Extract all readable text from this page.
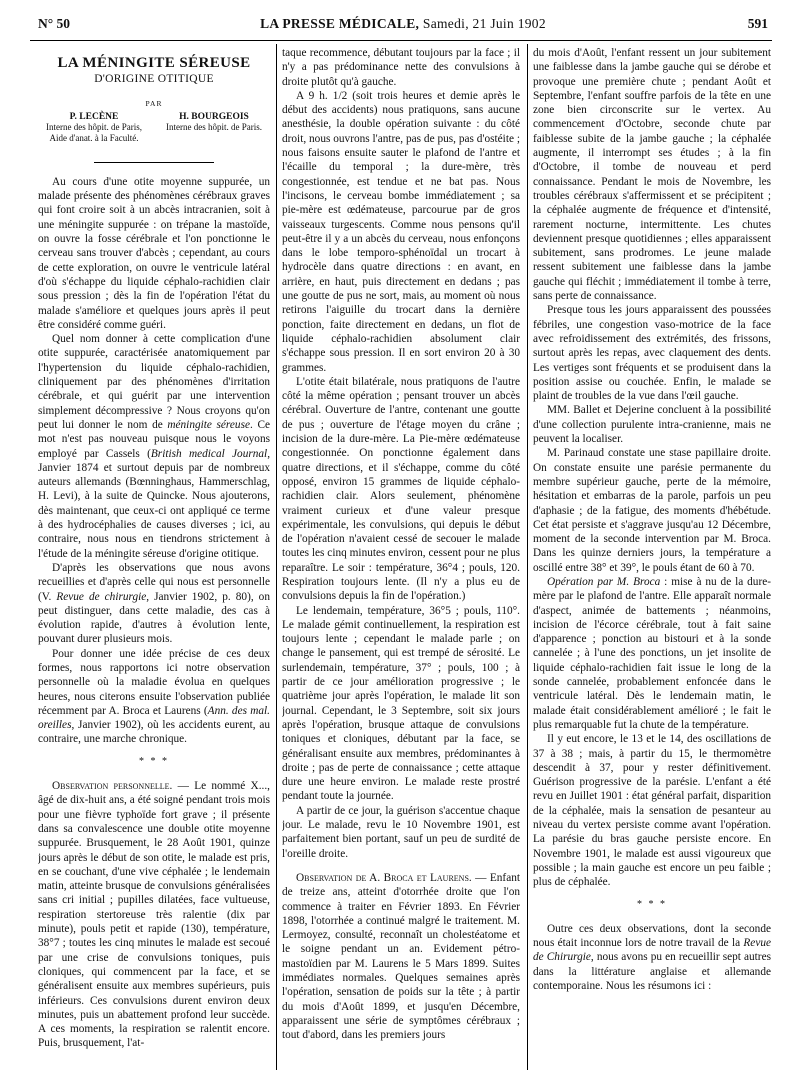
N° 50	LA PRESSE MÉDICALE, Samedi, 21 Juin 1902	591
LA MÉNINGITE SÉREUSE
D'ORIGINE OTITIQUE
PAR
P. LECÈNE
Interne des hôpit. de Paris,
Aide d'anat. à la Faculté.
H. BOURGEOIS
Interne des hôpit. de Paris.

Au cours d'une otite moyenne suppurée, un malade présente des phénomènes cérébraux graves qui font croire soit à un abcès intracranien, soit à une méningite suppurée : on trépane la mastoïde, on ouvre la fosse cérébrale et l'on ponctionne le cerveau sans trouver d'abcès ; cependant, au cours de cette exploration, on ouvre le ventricule latéral d'où s'échappe du liquide céphalo-rachidien clair sous pression ; dès la fin de l'opération l'état du malade s'améliore et quelques jours après il peut être considéré comme guéri.

Quel nom donner à cette complication d'une otite suppurée, caractérisée anatomiquement par l'hypertension du liquide céphalo-rachidien, cliniquement par des phénomènes d'irritation cérébrale, et qui guérit par une intervention simplement décompressive ? Nous croyons qu'on peut lui donner le nom de méningite séreuse. Ce mot n'est pas nouveau puisque nous le voyons employé par Cassels (British medical Journal, Janvier 1874 et surtout depuis par de nombreux auteurs allemands (Bœnninghaus, Hammerschlag, H. Levi), à la suite de Quincke. Nous ajouterons, dès maintenant, que ceux-ci ont appliqué ce terme à des hydrocéphalies de causes diverses ; ici, au contraire, nous nous en tiendrons strictement à l'étude de la méningite séreuse d'origine otitique.

D'après les observations que nous avons recueillies et d'après celle qui nous est personnelle (V. Revue de chirurgie, Janvier 1902, p. 80), on peut distinguer, dans cette maladie, des cas à évolution rapide, d'autres à évolution lente, pouvant durer plusieurs mois.

Pour donner une idée précise de ces deux formes, nous rapportons ici notre observation personnelle où la maladie évolua en quelques heures, nous citerons ensuite l'observation publiée récemment par A. Broca et Laurens (Ann. des mal. oreilles, Janvier 1902), où les accidents eurent, au contraire, une marche chronique.

* * *

Observation personnelle. — Le nommé X..., âgé de dix-huit ans, a été soigné pendant trois mois pour une fièvre typhoïde fort grave ; il présente dans sa convalescence une double otite moyenne suppurée. Brusquement, le 28 Août 1901, quinze jours après le début de son otite, le malade est pris, en se couchant, d'une vive céphalée ; le lendemain matin, atteinte brusque de convulsions généralisées sans cri initial ; pupilles dilatées, face vultueuse, respiration stertoreuse très ralentie (dix par minute), pouls petit et rapide (130), température, 38°7 ; toutes les cinq minutes le malade est secoué par une crise de convulsions toniques, puis cloniques, qui commencent par la face, et se généralisent ensuite aux membres supérieurs, puis inférieurs. Ces convulsions durent environ deux minutes, puis un abattement profond leur succède. A ces moments, la respiration se ralentit encore. Puis, brusquement, l'at-

taque recommence, débutant toujours par la face ; il n'y a pas prédominance nette des convulsions à droite plutôt qu'à gauche.

A 9 h. 1/2 (soit trois heures et demie après le début des accidents) nous pratiquons, sans aucune anesthésie, la double opération suivante : du côté droit, nous ouvrons l'antre, pas de pus, pas d'ostéite ; nous faisons ensuite sauter le plafond de l'antre et l'écaille du temporal ; la dure-mère, très congestionnée, est tendue et ne bat pas. Nous l'incisons, le cerveau bombe immédiatement ; sa pie-mère est œdémateuse, parcourue par de gros vaisseaux turgescents. Comme nous pensons qu'il peut-être il y a un abcès du cerveau, nous enfonçons dans le lobe temporo-sphénoïdal un trocart à hydrocèle dans quatre directions : en avant, en arrière, en haut, puis directement en dedans ; pas une goutte de pus ne sort, mais, au moment où nous retirons l'aiguille du trocart dans la dernière ponction, faite directement en dedans, un flot de liquide céphalo-rachidien absolument clair s'échappe sous pression. Il en sort environ 20 à 30 grammes.

L'otite était bilatérale, nous pratiquons de l'autre côté la même opération ; pensant trouver un abcès cérébral. Ouverture de l'antre, contenant une goutte de pus ; ouverture de l'étage moyen du crâne ; incision de la dure-mère. La Pie-mère œdémateuse congestionnée. On ponctionne également dans quatre directions, et il s'échappe, comme du côté opposé, environ 15 grammes de liquide céphalo-rachidien clair. Alors seulement, phénomène vraiment curieux et d'une valeur presque expérimentale, les convulsions, qui depuis le début de l'opération n'avaient cessé de secouer le malade toutes les cinq minutes environ, cessent pour ne plus reparaître. Le soir : température, 36°4 ; pouls, 120. Respiration toujours lente. (Il n'y a plus eu de convulsions depuis la fin de l'opération.)

Le lendemain, température, 36°5 ; pouls, 110°. Le malade gémit continuellement, la respiration est toujours lente ; cependant le malade parle ; on change le pansement, qui est trempé de sérosité. Le surlendemain, température, 37° ; pouls, 100 ; à partir de ce jour amélioration progressive ; le quatrième jour après l'opération, le malade lit son journal. Cependant, le 3 Septembre, soit six jours après l'opération, brusque attaque de convulsions toniques et cloniques, débutant par la face, se généralisant ensuite aux membres, prédominantes à droite ; pas de perte de connaissance ; cette attaque dure une heure environ. Le malade reste prostré pendant toute la journée.

A partir de ce jour, la guérison s'accentue chaque jour. Le malade, revu le 10 Novembre 1901, est parfaitement bien portant, sauf un peu de surdité de l'oreille droite.

Observation de A. Broca et Laurens. — Enfant de treize ans, atteint d'otorrhée droite que l'on commence à traiter en Février 1893. En Février 1898, l'otorrhée a continué malgré le traitement. M. Lermoyez, consulté, reconnaît un cholestéatome et le soigne pendant un an. Evidement pétro-mastoïdien par M. Laurens le 5 Mars 1899. Suites immédiates normales. Quelques semaines après l'opération, sensation de poids sur la tête ; à partir du mois d'Août 1899, et jusqu'en Décembre, apparaissent une série de symptômes cérébraux ; tout d'abord, dans les premiers jours

du mois d'Août, l'enfant ressent un jour subitement une faiblesse dans la jambe gauche qui se dérobe et provoque une première chute ; pendant Août et Septembre, l'enfant souffre parfois de la tête en une zone bien circonscrite sur le vertex. Au commencement d'Octobre, seconde chute par faiblesse subite de la jambe gauche ; la céphalée augmente, il interrompt ses études ; à la fin d'Octobre, il tombe de nouveau et perd connaissance. Pendant le mois de Novembre, les troubles cérébraux s'affermissent et se précipitent ; la céphalée augmente de fréquence et d'intensité, rarement nocturne, intermittente. Les chutes deviennent presque quotidiennes ; elles apparaissent subitement, sans prodromes. Le jeune malade ressent subitement une faiblesse dans la jambe gauche qui fléchit ; immédiatement il tombe à terre, sans perte de connaissance.

Presque tous les jours apparaissent des poussées fébriles, une congestion vaso-motrice de la face avec refroidissement des extrémités, des frissons, surtout après les repas, avec claquement des dents. Les vertiges sont fréquents et se produisent dans la position assise ou couchée. Enfin, le malade se plaint de troubles de la vue dans l'œil gauche.

MM. Ballet et Dejerine concluent à la possibilité d'une collection purulente intra-cranienne, mais ne peuvent la localiser.

M. Parinaud constate une stase papillaire droite. On constate ensuite une parésie permanente du membre supérieur gauche, perte de la mémoire, hésitation et embarras de la parole, parfois un peu d'aphasie ; de la fatigue, des moments d'hébétude. Cet état persiste et s'aggrave jusqu'au 12 Décembre, moment de la seconde intervention par M. Broca. Dans les quinze derniers jours, la température a oscillé entre 38° et 39°, le pouls étant de 60 à 70.

Opération par M. Broca : mise à nu de la dure-mère par le plafond de l'antre. Elle apparaît normale d'aspect, animée de battements ; néanmoins, incision de l'écorce cérébrale, tout à fait saine d'apparence ; ponction au bistouri et à la sonde cannelée ; à l'une des ponctions, un jet insolite de liquide céphalo-rachidien fait issue le long de la sonde cannelée, probablement enfoncée dans le ventricule latéral. Dès le lendemain matin, le malade était considérablement amélioré ; le fait le plus remarquable fut la chute de la température.

Il y eut encore, le 13 et le 14, des oscillations de 37 à 38 ; mais, à partir du 15, le thermomètre descendit à 37, pour y rester définitivement. Guérison progressive de la parésie. L'enfant a été revu en Juillet 1901 : état général parfait, disparition de la céphalée, mais la sensation de pesanteur au niveau du vertex persiste comme avant l'opération. La parésie du bras gauche persiste encore. En Novembre 1901, le malade est aussi vigoureux que possible ; la main gauche est encore un peu faible ; plus de céphalée.

* * *

Outre ces deux observations, dont la seconde nous était inconnue lors de notre travail de la Revue de Chirurgie, nous avons pu en recueillir sept autres dans la littérature anglaise et allemande contemporaine. Nous les résumons ici :
